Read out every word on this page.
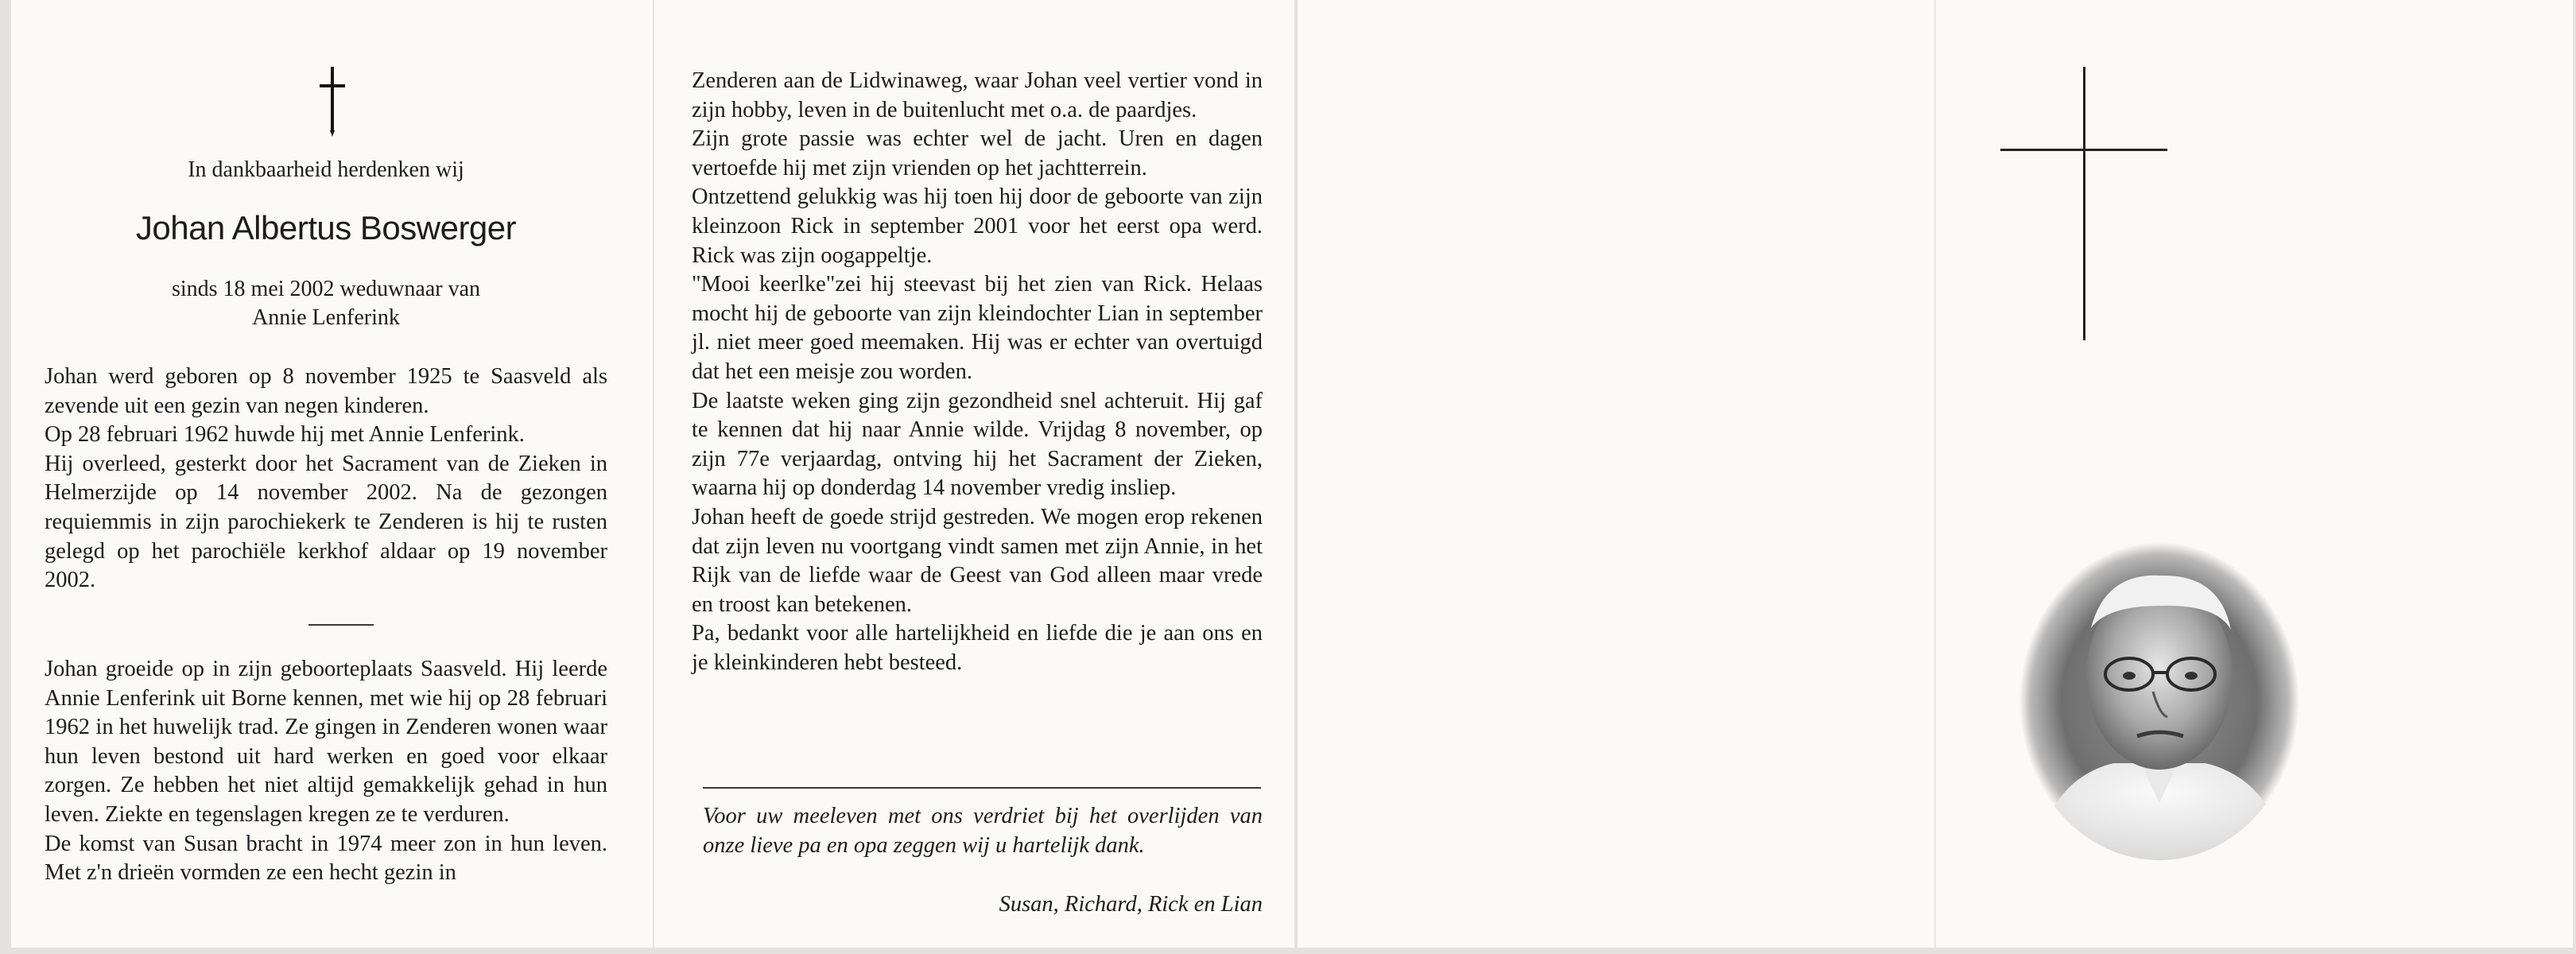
In dankbaarheid herdenken wij
Johan Albertus Boswerger
sinds 18 mei 2002 weduwnaar van
Annie Lenferink

Johan werd geboren op 8 november 1925 te Saasveld als zevende uit een gezin van negen kinderen.

Op 28 februari 1962 huwde hij met Annie Lenferink.

Hij overleed, gesterkt door het Sacrament van de Zieken in Helmerzijde op 14 november 2002. Na de gezongen requiemmis in zijn parochiekerk te Zenderen is hij te rusten gelegd op het parochiële kerkhof aldaar op 19 november 2002.

Johan groeide op in zijn geboorteplaats Saasveld. Hij leerde Annie Lenferink uit Borne kennen, met wie hij op 28 februari 1962 in het huwelijk trad. Ze gingen in Zenderen wonen waar hun leven bestond uit hard werken en goed voor elkaar zorgen. Ze hebben het niet altijd gemakkelijk gehad in hun leven. Ziekte en tegenslagen kregen ze te verduren.

De komst van Susan bracht in 1974 meer zon in hun leven. Met z'n drieën vormden ze een hecht gezin in

Zenderen aan de Lidwinaweg, waar Johan veel vertier vond in zijn hobby, leven in de buitenlucht met o.a. de paardjes.

Zijn grote passie was echter wel de jacht. Uren en dagen vertoefde hij met zijn vrienden op het jachtterrein.

Ontzettend gelukkig was hij toen hij door de geboorte van zijn kleinzoon Rick in september 2001 voor het eerst opa werd. Rick was zijn oogappeltje.

"Mooi keerlke"zei hij steevast bij het zien van Rick. Helaas mocht hij de geboorte van zijn kleindochter Lian in september jl. niet meer goed meemaken. Hij was er echter van overtuigd dat het een meisje zou worden.

De laatste weken ging zijn gezondheid snel achteruit. Hij gaf te kennen dat hij naar Annie wilde. Vrijdag 8 november, op zijn 77e verjaardag, ontving hij het Sacrament der Zieken, waarna hij op donderdag 14 november vredig insliep.

Johan heeft de goede strijd gestreden. We mogen erop rekenen dat zijn leven nu voortgang vindt samen met zijn Annie, in het Rijk van de liefde waar de Geest van God alleen maar vrede en troost kan betekenen.

Pa, bedankt voor alle hartelijkheid en liefde die je aan ons en je kleinkinderen hebt besteed.

Voor uw meeleven met ons verdriet bij het overlijden van onze lieve pa en opa zeggen wij u hartelijk dank.

Susan, Richard, Rick en Lian
